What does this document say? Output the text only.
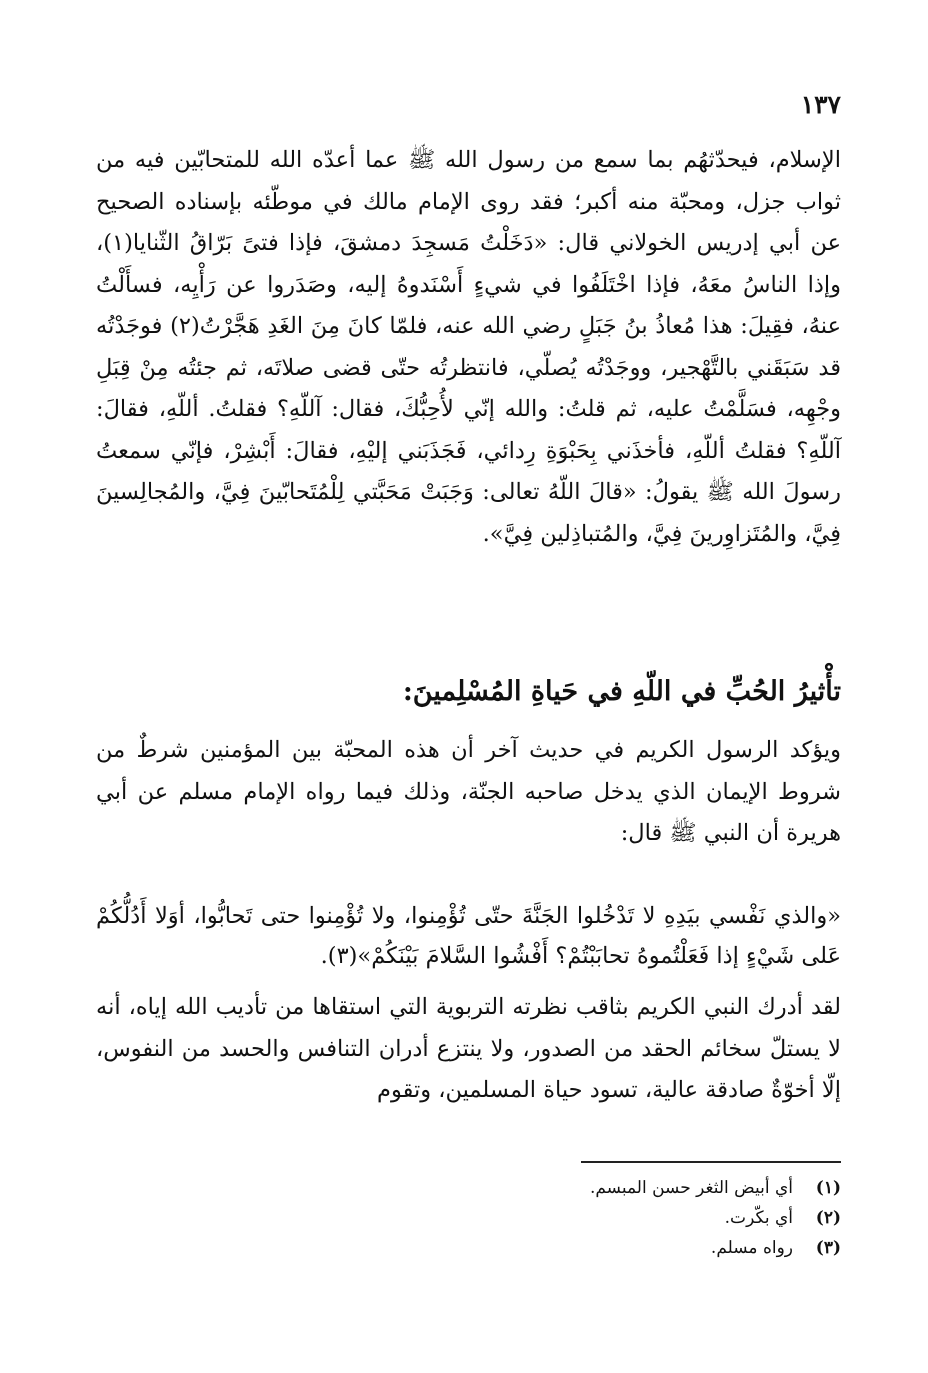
١٣٧

الإسلام، فيحدّثهُم بما سمع من رسول الله ﷺ عما أعدّه الله للمتحابّين فيه من ثواب جزل، ومحبّة منه أكبر؛ فقد روى الإمام مالك في موطّئه بإسناده الصحيح عن أبي إدريس الخولاني قال: «دَخَلْتُ مَسجِدَ دمشقَ، فإذا فتىً بَرّاقُ الثّنايا(١)، وإذا الناسُ معَهُ، فإذا اخْتَلَفُوا في شيءٍ أَسْنَدوهُ إليه، وصَدَروا عن رَأْيِه، فسأَلْتُ عنهُ، فقِيلَ: هذا مُعاذُ بنُ جَبَلٍ رضي الله عنه، فلمّا كانَ مِنَ الغَدِ هَجَّرْتُ(٢) فوجَدْتُه قد سَبَقَني بالتَّهْجير، ووجَدْتُه يُصلّي، فانتظرتُه حتّى قضى صلاتَه، ثم جئتُه مِنْ قِبَلِ وجْهِه، فسَلَّمْتُ عليه، ثم قلتُ: والله إنّي لأُحِبُّكَ، فقال: آللّهِ؟ فقلتُ. أللّهِ، فقالَ: آللّهِ؟ فقلتُ أللّهِ، فأخذَني بِحَبْوَةِ رِدائي، فَجَذَبَني إليْهِ، فقالَ: أَبْشِرْ، فإنّي سمعتُ رسولَ الله ﷺ يقولُ: «قالَ اللّهُ تعالى: وَجَبَتْ مَحَبَّتي لِلْمُتَحابّينَ فِيَّ، والمُجالِسينَ فِيَّ، والمُتَزاوِرينَ فِيَّ، والمُتباذِلين فِيَّ».

تأْثيرُ الحُبِّ في اللّهِ في حَياةِ المُسْلِمينَ:

ويؤكد الرسول الكريم في حديث آخر أن هذه المحبّة بين المؤمنين شرطٌ من شروط الإيمان الذي يدخل صاحبه الجنّة، وذلك فيما رواه الإمام مسلم عن أبي هريرة أن النبي ﷺ قال:

«والذي نَفْسي بيَدِهِ لا تَدْخُلوا الجَنَّةَ حتّى تُؤْمِنوا، ولا تُؤْمِنوا حتى تَحابُّوا، أوَلا أَدُلُّكُمْ عَلى شَيْءٍ إذا فَعَلْتُموهُ تحابَبْتُمْ؟ أَفْشُوا السَّلامَ بَيْنَكُمْ»(٣).

لقد أدرك النبي الكريم بثاقب نظرته التربوية التي استقاها من تأديب الله إياه، أنه لا يستلّ سخائم الحقد من الصدور، ولا ينتزع أدران التنافس والحسد من النفوس، إلّا أخوّةٌ صادقة عالية، تسود حياة المسلمين، وتقوم

(١)
أي أبيض الثغر حسن المبسم.
(٢)
أي بكّرت.
(٣)
رواه مسلم.
